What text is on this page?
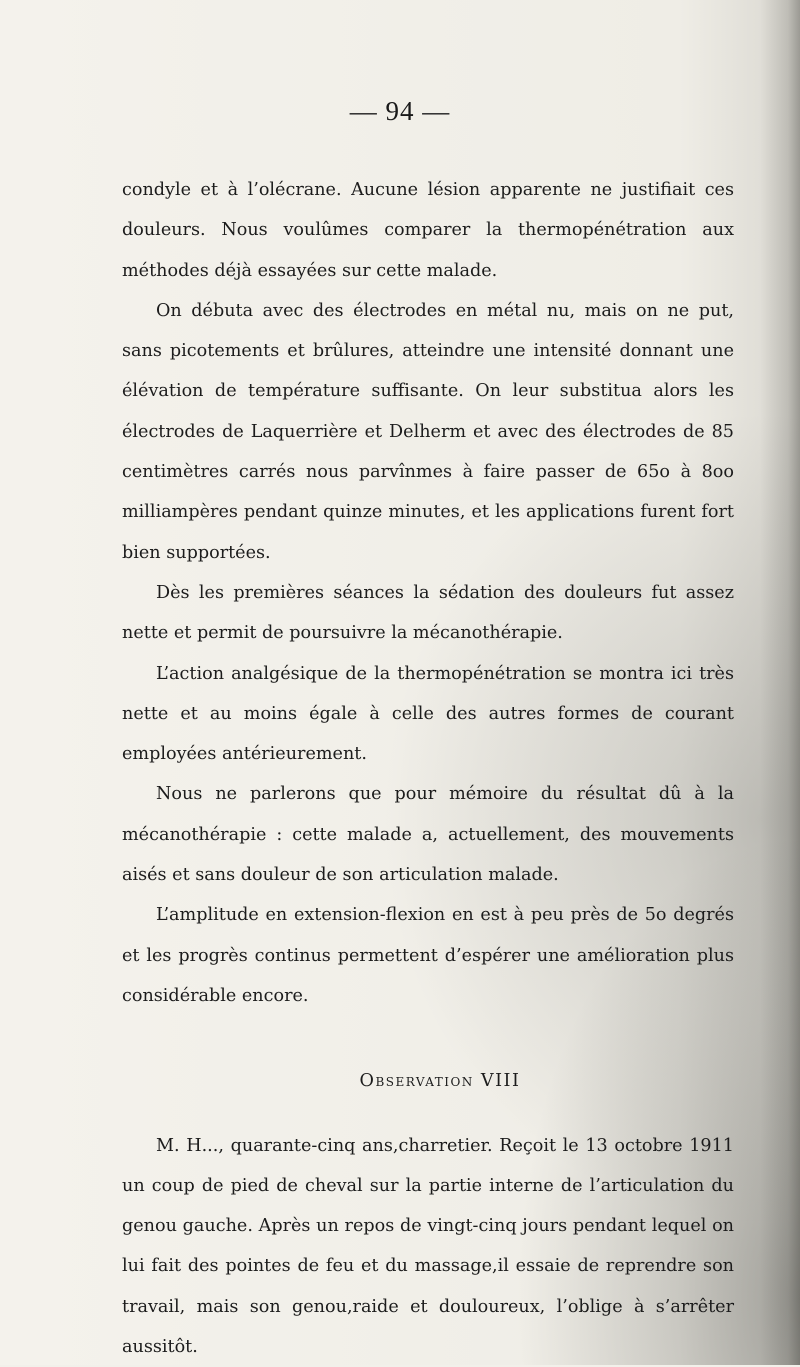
— 94 —

condyle et à l’olécrane. Aucune lésion apparente ne justifiait ces douleurs. Nous voulûmes comparer la thermopénétration aux méthodes déjà essayées sur cette malade.

On débuta avec des électrodes en métal nu, mais on ne put, sans picotements et brûlures, atteindre une intensité donnant une élévation de température suffisante. On leur substitua alors les électrodes de Laquerrière et Delherm et avec des électrodes de 85 centimètres carrés nous parvînmes à faire passer de 65o à 8oo milliampères pendant quinze minutes, et les applications furent fort bien supportées.

Dès les premières séances la sédation des douleurs fut assez nette et permit de poursuivre la mécanothérapie.

L’action analgésique de la thermopénétration se montra ici très nette et au moins égale à celle des autres formes de courant employées antérieurement.

Nous ne parlerons que pour mémoire du résultat dû à la mécanothérapie : cette malade a, actuellement, des mouvements aisés et sans douleur de son articulation malade.

L’amplitude en extension-flexion en est à peu près de 5o degrés et les progrès continus permettent d’espérer une amélioration plus considérable encore.

Observation VIII

M. H..., quarante-cinq ans,charretier. Reçoit le 13 octobre 1911 un coup de pied de cheval sur la partie interne de l’articulation du genou gauche. Après un repos de vingt-cinq jours pendant lequel on lui fait des pointes de feu et du massage,il essaie de reprendre son travail, mais son genou,raide et douloureux, l’oblige à s’arrêter aussitôt.
